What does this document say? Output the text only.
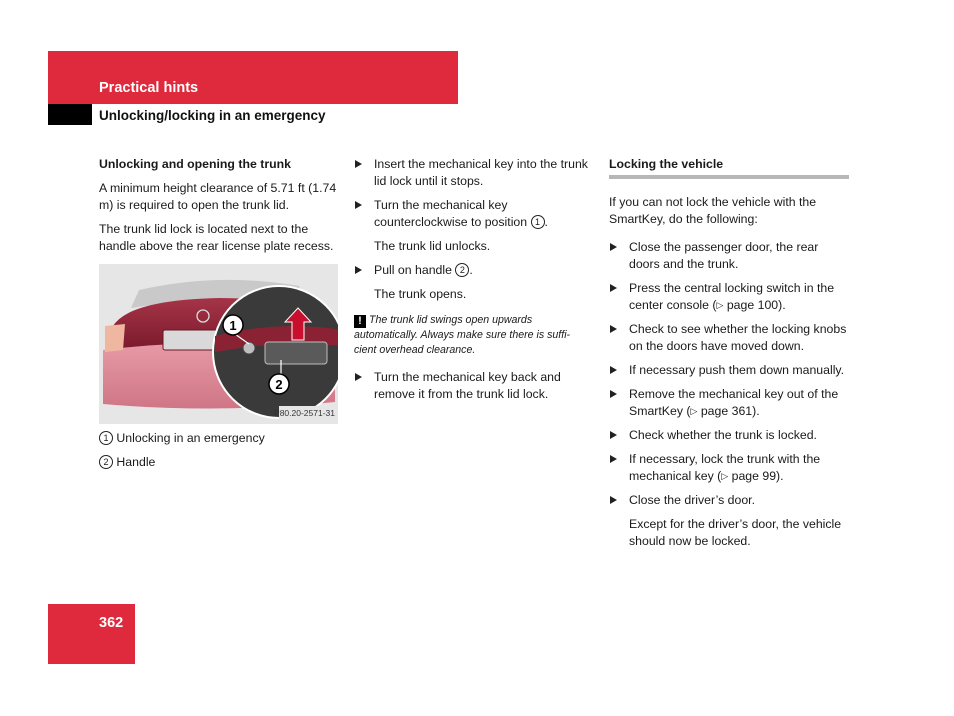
Practical hints
Unlocking/locking in an emergency
Unlocking and opening the trunk

A minimum height clearance of 5.71 ft (1.74 m) is required to open the trunk lid.

The trunk lid lock is located next to the handle above the rear license plate recess.

1
2
P80.20-2571-31

1 Unlocking in an emergency

2 Handle

Insert the mechanical key into the trunk lid lock until it stops.
Turn the mechanical key counterclockwise to position 1 .
The trunk lid unlocks.
Pull on handle 2 .
The trunk opens.
! The trunk lid swings open upwards automatically. Always make sure there is suffi-cient overhead clearance.
Turn the mechanical key back and remove it from the trunk lid lock.
Locking the vehicle

If you can not lock the vehicle with the SmartKey, do the following:

Close the passenger door, the rear doors and the trunk.
Press the central locking switch in the center console (▷ page 100).
Check to see whether the locking knobs on the doors have moved down.
If necessary push them down manually.
Remove the mechanical key out of the SmartKey (▷ page 361).
Check whether the trunk is locked.
If necessary, lock the trunk with the mechanical key (▷ page 99).
Close the driver’s door.
Except for the driver’s door, the vehicle should now be locked.
362
